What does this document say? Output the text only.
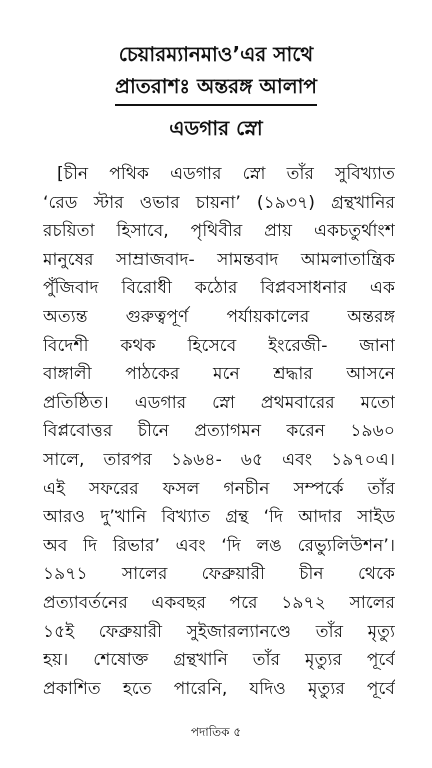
চেয়ারম্যানমাও’এর সাথে
প্রাতরাশঃ অন্তরঙ্গ আলাপ
এডগার স্নো
[চীন পথিক এডগার স্নো তাঁর সুবিখ্যাত
‘রেড স্টার ওভার চায়না’ (১৯৩৭) গ্রন্থখানির
রচয়িতা হিসাবে, পৃথিবীর প্রায় একচতুর্থাংশ
মানুষের সাম্রাজবাদ- সামন্তবাদ আমলাতান্ত্রিক
পুঁজিবাদ বিরোধী কঠোর বিপ্লবসাধনার এক
অত্যন্ত গুরুত্বপূর্ণ পর্যায়কালের অন্তরঙ্গ
বিদেশী কথক হিসেবে ইংরেজী- জানা
বাঙ্গালী পাঠকের মনে শ্রদ্ধার আসনে
প্রতিষ্ঠিত। এডগার স্নো প্রথমবারের মতো
বিপ্লবোত্তর চীনে প্রত্যাগমন করেন ১৯৬০
সালে, তারপর ১৯৬৪- ৬৫ এবং ১৯৭০এ।
এই সফরের ফসল গনচীন সম্পর্কে তাঁর
আরও দু’খানি বিখ্যাত গ্রন্থ ‘দি আদার সাইড
অব দি রিভার’ এবং ‘দি লঙ রেভ্যুলিউশন’।
১৯৭১ সালের ফেব্রুয়ারী চীন থেকে
প্রত্যাবর্তনের একবছর পরে ১৯৭২ সালের
১৫ই ফেব্রুয়ারী সুইজারল্যানণ্ডে তাঁর মৃত্যু
হয়। শেষোক্ত গ্রন্থখানি তাঁর মৃত্যুর পূর্বে
প্রকাশিত হতে পারেনি, যদিও মৃত্যুর পূর্বে
পদাতিক ৫
